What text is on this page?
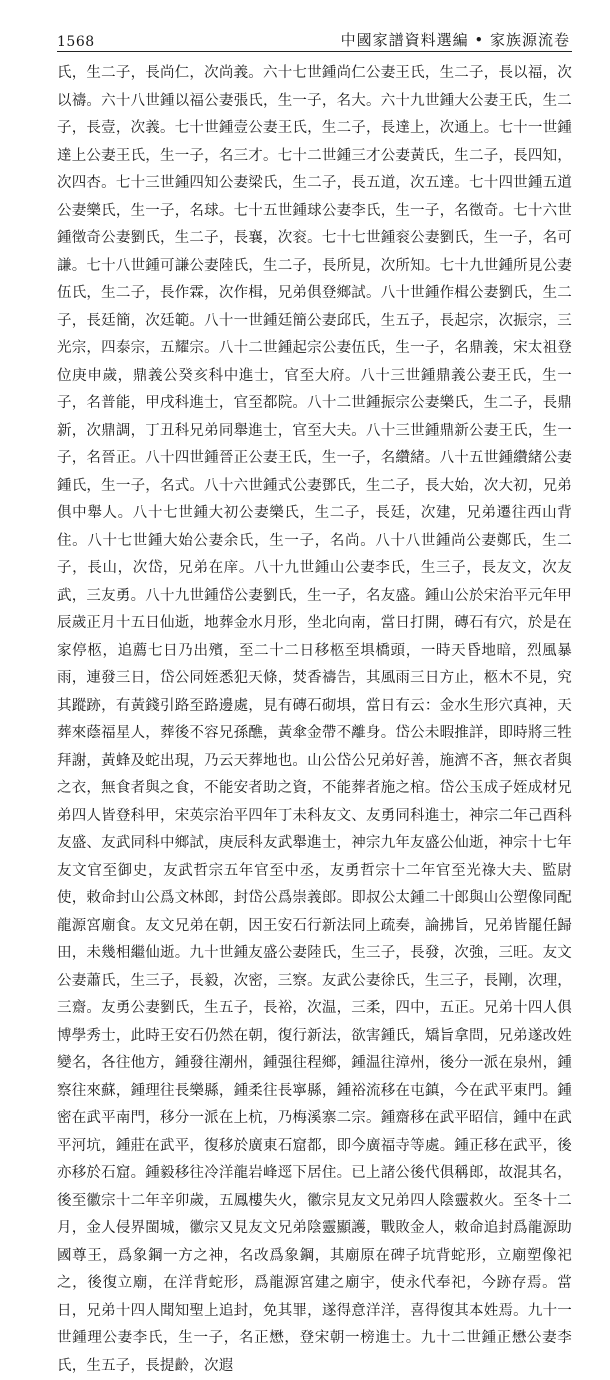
1568	中國家譜資料選編 • 家族源流卷
氏，生二子，長尚仁，次尚義。六十七世鍾尚仁公妻王氏，生二子，長以福，次以禱。六十八世鍾以福公妻張氏，生一子，名大。六十九世鍾大公妻王氏，生二子，長壹，次義。七十世鍾壹公妻王氏，生二子，長達上，次通上。七十一世鍾達上公妻王氏，生一子，名三才。七十二世鍾三才公妻黃氏，生二子，長四知，次四杏。七十三世鍾四知公妻梁氏，生二子，長五道，次五達。七十四世鍾五道公妻樂氏，生一子，名球。七十五世鍾球公妻李氏，生一子，名徵奇。七十六世鍾徵奇公妻劉氏，生二子，長襄，次衮。七十七世鍾衮公妻劉氏，生一子，名可謙。七十八世鍾可謙公妻陸氏，生二子，長所見，次所知。七十九世鍾所見公妻伍氏，生二子，長作霖，次作楫，兄弟俱登鄉試。八十世鍾作楫公妻劉氏，生二子，長廷簡，次廷範。八十一世鍾廷簡公妻邱氏，生五子，長起宗，次振宗，三光宗，四泰宗，五耀宗。八十二世鍾起宗公妻伍氏，生一子，名鼎義，宋太祖登位庚申歲，鼎義公癸亥科中進士，官至大府。八十三世鍾鼎義公妻王氏，生一子，名普能，甲戌科進士，官至都院。八十二世鍾振宗公妻樂氏，生二子，長鼎新，次鼎調，丁丑科兄弟同舉進士，官至大夫。八十三世鍾鼎新公妻王氏，生一子，名晉正。八十四世鍾晉正公妻王氏，生一子，名纘緒。八十五世鍾纘緒公妻鍾氏，生一子，名式。八十六世鍾式公妻鄧氏，生二子，長大始，次大初，兄弟俱中舉人。八十七世鍾大初公妻樂氏，生二子，長廷，次建，兄弟遷往西山背住。八十七世鍾大始公妻余氏，生一子，名尚。八十八世鍾尚公妻鄭氏，生二子，長山，次岱，兄弟在庠。八十九世鍾山公妻李氏，生三子，長友文，次友武，三友勇。八十九世鍾岱公妻劉氏，生一子，名友盛。鍾山公於宋治平元年甲辰歲正月十五日仙逝，地葬金水月形，坐北向南，當日打開，磚石有穴，於是在家停柩，追薦七日乃出殯，至二十二日移柩至埧橋頭，一時天昏地暗，烈風暴雨，連發三日，岱公同姪悉犯天條，焚香禱告，其風雨三日方止，柩木不見，究其蹤跡，有黃錢引路至路邊處，見有磚石砌埧，當日有云：金水生形穴真神，天葬來蔭福星人，葬後不容兄孫醮，黃傘金帶不離身。岱公未暇推詳，即時將三牲拜謝，黃蜂及蛇出現，乃云天葬地也。山公岱公兄弟好善，施濟不吝，無衣者與之衣，無食者與之食，不能安者助之資，不能葬者施之棺。岱公玉成子姪成材兄弟四人皆登科甲，宋英宗治平四年丁未科友文、友勇同科進士，神宗二年己酉科友盛、友武同科中鄉試，庚辰科友武舉進士，神宗九年友盛公仙逝，神宗十七年友文官至御史，友武哲宗五年官至中丞，友勇哲宗十二年官至光祿大夫、監尉使，敕命封山公爲文林郎，封岱公爲崇義郎。即叔公太鍾二十郎與山公塑像同配龍源宮廟食。友文兄弟在朝，因王安石行新法同上疏奏，論拂旨，兄弟皆罷任歸田，未幾相繼仙逝。九十世鍾友盛公妻陸氏，生三子，長發，次強，三旺。友文公妻蕭氏，生三子，長毅，次密，三察。友武公妻徐氏，生三子，長剛，次理，三齋。友勇公妻劉氏，生五子，長裕，次温，三柔，四中，五正。兄弟十四人俱博學秀士，此時王安石仍然在朝，復行新法，欲害鍾氏，矯旨拿問，兄弟遂改姓變名，各往他方，鍾發往潮州，鍾强往程鄉，鍾温往漳州，後分一派在泉州，鍾察往來蘇，鍾理往長樂縣，鍾柔往長寧縣，鍾裕流移在屯鎮，今在武平東門。鍾密在武平南門，移分一派在上杭，乃梅溪寨二宗。鍾齋移在武平昭信，鍾中在武平河坑，鍾莊在武平，復移於廣東石窟都，即今廣福寺等處。鍾正移在武平，後亦移於石窟。鍾毅移往冷洋龍岩峰逕下居住。已上諸公後代俱稱郎，故混其名，後至徽宗十二年辛卯歲，五鳳樓失火，徽宗見友文兄弟四人陰靈救火。至冬十二月，金人侵界閩城，徽宗又見友文兄弟陰靈顯護，戰敗金人，敕命追封爲龍源助國尊王，爲象鋼一方之神，名改爲象鋼，其廟原在碑子坑背蛇形，立廟塑像祀之，後復立廟，在洋背蛇形，爲龍源宮建之廟宇，使永代奉祀，今跡存焉。當日，兄弟十四人聞知聖上追封，免其罪，遂得意洋洋，喜得復其本姓焉。九十一世鍾理公妻李氏，生一子，名正懋，登宋朝一榜進士。九十二世鍾正懋公妻李氏，生五子，長提齡，次遐
